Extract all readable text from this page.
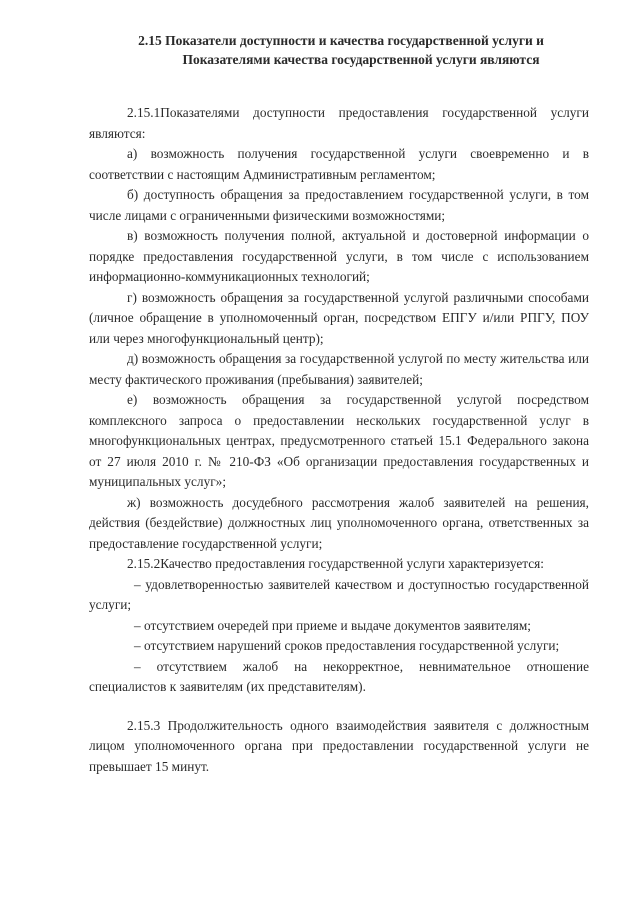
2.15 Показатели доступности и качества государственной услуги и
Показателями качества государственной услуги являются

2.15.1Показателями доступности предоставления государственной услуги являются:

а) возможность получения государственной услуги своевременно и в соответствии с настоящим Административным регламентом;

б) доступность обращения за предоставлением государственной услуги, в том числе лицами с ограниченными физическими возможностями;

в) возможность получения полной, актуальной и достоверной информации о порядке предоставления государственной услуги, в том числе с использованием информационно-коммуникационных технологий;

г) возможность обращения за государственной услугой различными способами (личное обращение в уполномоченный орган, посредством ЕПГУ и/или РПГУ, ПОУ или через многофункциональный центр);

д) возможность обращения за государственной услугой по месту жительства или месту фактического проживания (пребывания) заявителей;

е) возможность обращения за государственной услугой посредством комплексного запроса о предоставлении нескольких государственной услуг в многофункциональных центрах, предусмотренного статьей 15.1 Федерального закона от 27 июля 2010 г. № 210-ФЗ «Об организации предоставления государственных и муниципальных услуг»;

ж) возможность досудебного рассмотрения жалоб заявителей на решения, действия (бездействие) должностных лиц уполномоченного органа, ответственных за предоставление государственной услуги;

2.15.2Качество предоставления государственной услуги характеризуется:

– удовлетворенностью заявителей качеством и доступностью государственной услуги;

– отсутствием очередей при приеме и выдаче документов заявителям;

– отсутствием нарушений сроков предоставления государственной услуги;

– отсутствием жалоб на некорректное, невнимательное отношение специалистов к заявителям (их представителям).

2.15.3 Продолжительность одного взаимодействия заявителя с должностным лицом уполномоченного органа при предоставлении государственной услуги не превышает 15 минут.
